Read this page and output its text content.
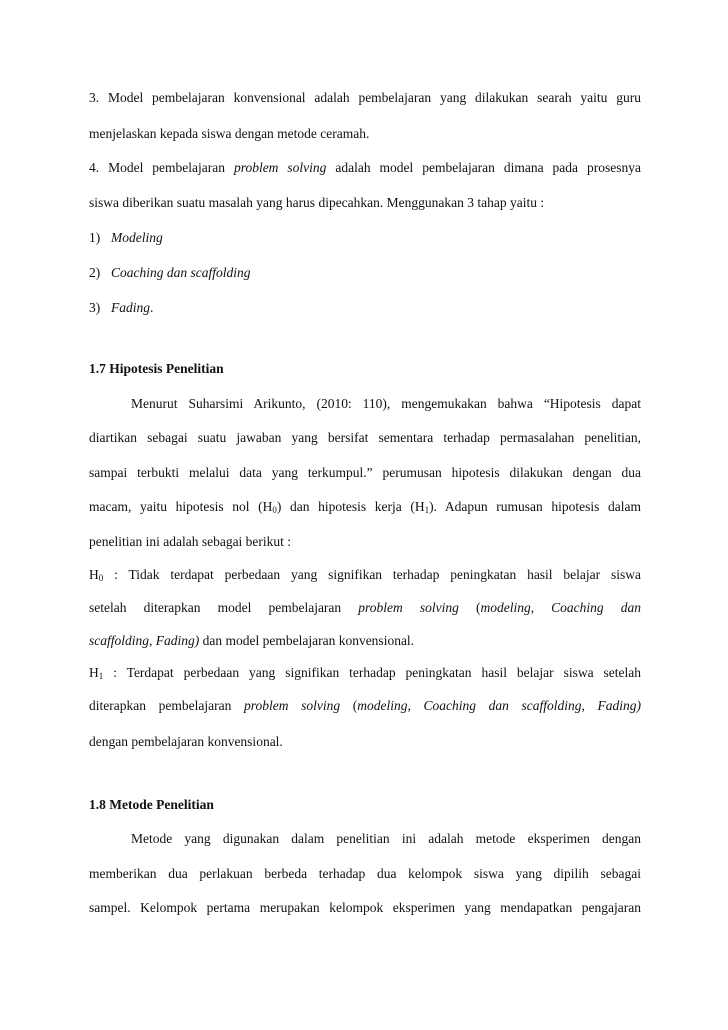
3. Model pembelajaran konvensional adalah pembelajaran yang dilakukan searah yaitu guru
menjelaskan kepada siswa dengan metode ceramah.
4. Model pembelajaran problem solving adalah model pembelajaran dimana pada prosesnya
siswa diberikan suatu masalah yang harus dipecahkan. Menggunakan 3 tahap yaitu :
1) Modeling
2) Coaching dan scaffolding
3) Fading.
1.7 Hipotesis Penelitian
Menurut Suharsimi Arikunto, (2010: 110), mengemukakan bahwa “Hipotesis dapat
diartikan sebagai suatu jawaban yang bersifat sementara terhadap permasalahan penelitian,
sampai terbukti melalui data yang terkumpul.” perumusan hipotesis dilakukan dengan dua
macam, yaitu hipotesis nol $(H_0)$ dan hipotesis kerja $(H_1)$. Adapun rumusan hipotesis dalam
penelitian ini adalah sebagai berikut :
$H_0$ : Tidak terdapat perbedaan yang signifikan terhadap peningkatan hasil belajar siswa
setelah diterapkan model pembelajaran problem solving (modeling, Coaching dan
scaffolding, Fading) dan model pembelajaran konvensional.
$H_1$ : Terdapat perbedaan yang signifikan terhadap peningkatan hasil belajar siswa setelah
diterapkan pembelajaran problem solving (modeling, Coaching dan scaffolding, Fading)
dengan pembelajaran konvensional.
1.8 Metode Penelitian
Metode yang digunakan dalam penelitian ini adalah metode eksperimen dengan
memberikan dua perlakuan berbeda terhadap dua kelompok siswa yang dipilih sebagai
sampel. Kelompok pertama merupakan kelompok eksperimen yang mendapatkan pengajaran
